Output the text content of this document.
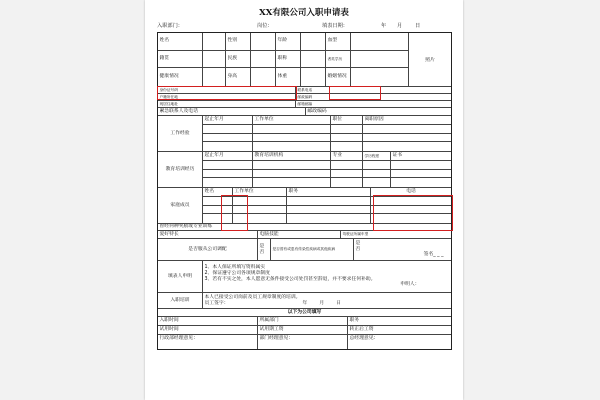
XX有限公司入职申请表
入职部门：	岗位：	填表日期：	年 月 日
姓名	性别	年龄	血型
籍贯	民族	职称	者英学历
健康情况	身高	体重	婚姻情况
照片
身份证号码	联系电话
户籍所在地	邮政编码
现居住地址	邮箱邮编
紧急联系人及电话	邮政编码
工作经验
起止年月	工作单位	职位	离职原因
教育培训经历
起止年月	教育培训机构	专业	学历程度	证书
家庭成员
姓名	工作单位	职务	电话
曾经何种奖励或专业训练
爱好特长	电脑技能	驾驶证所属车型
是否服从公司调配
是
否
是否曾有或患有传染性疾病或其他疾病
是
否
签名_ _ _
填表人申明
1、本人保证所填写资料属实
2、保证遵守公司各项规章制度
3、若有不实之处，本人愿意无条件接受公司处罚甚至辞退，并不要求任何补助。
申明人：
入职培训
本人已接受公司岗前及员工规章制度的培训。
员工签字：	年	月	日
以下为公司填写
入职时间	所属部门	职务
试用时间	试用期工资	转正后工资
行政部经理意见：	部门经理意见：	总经理意见：
